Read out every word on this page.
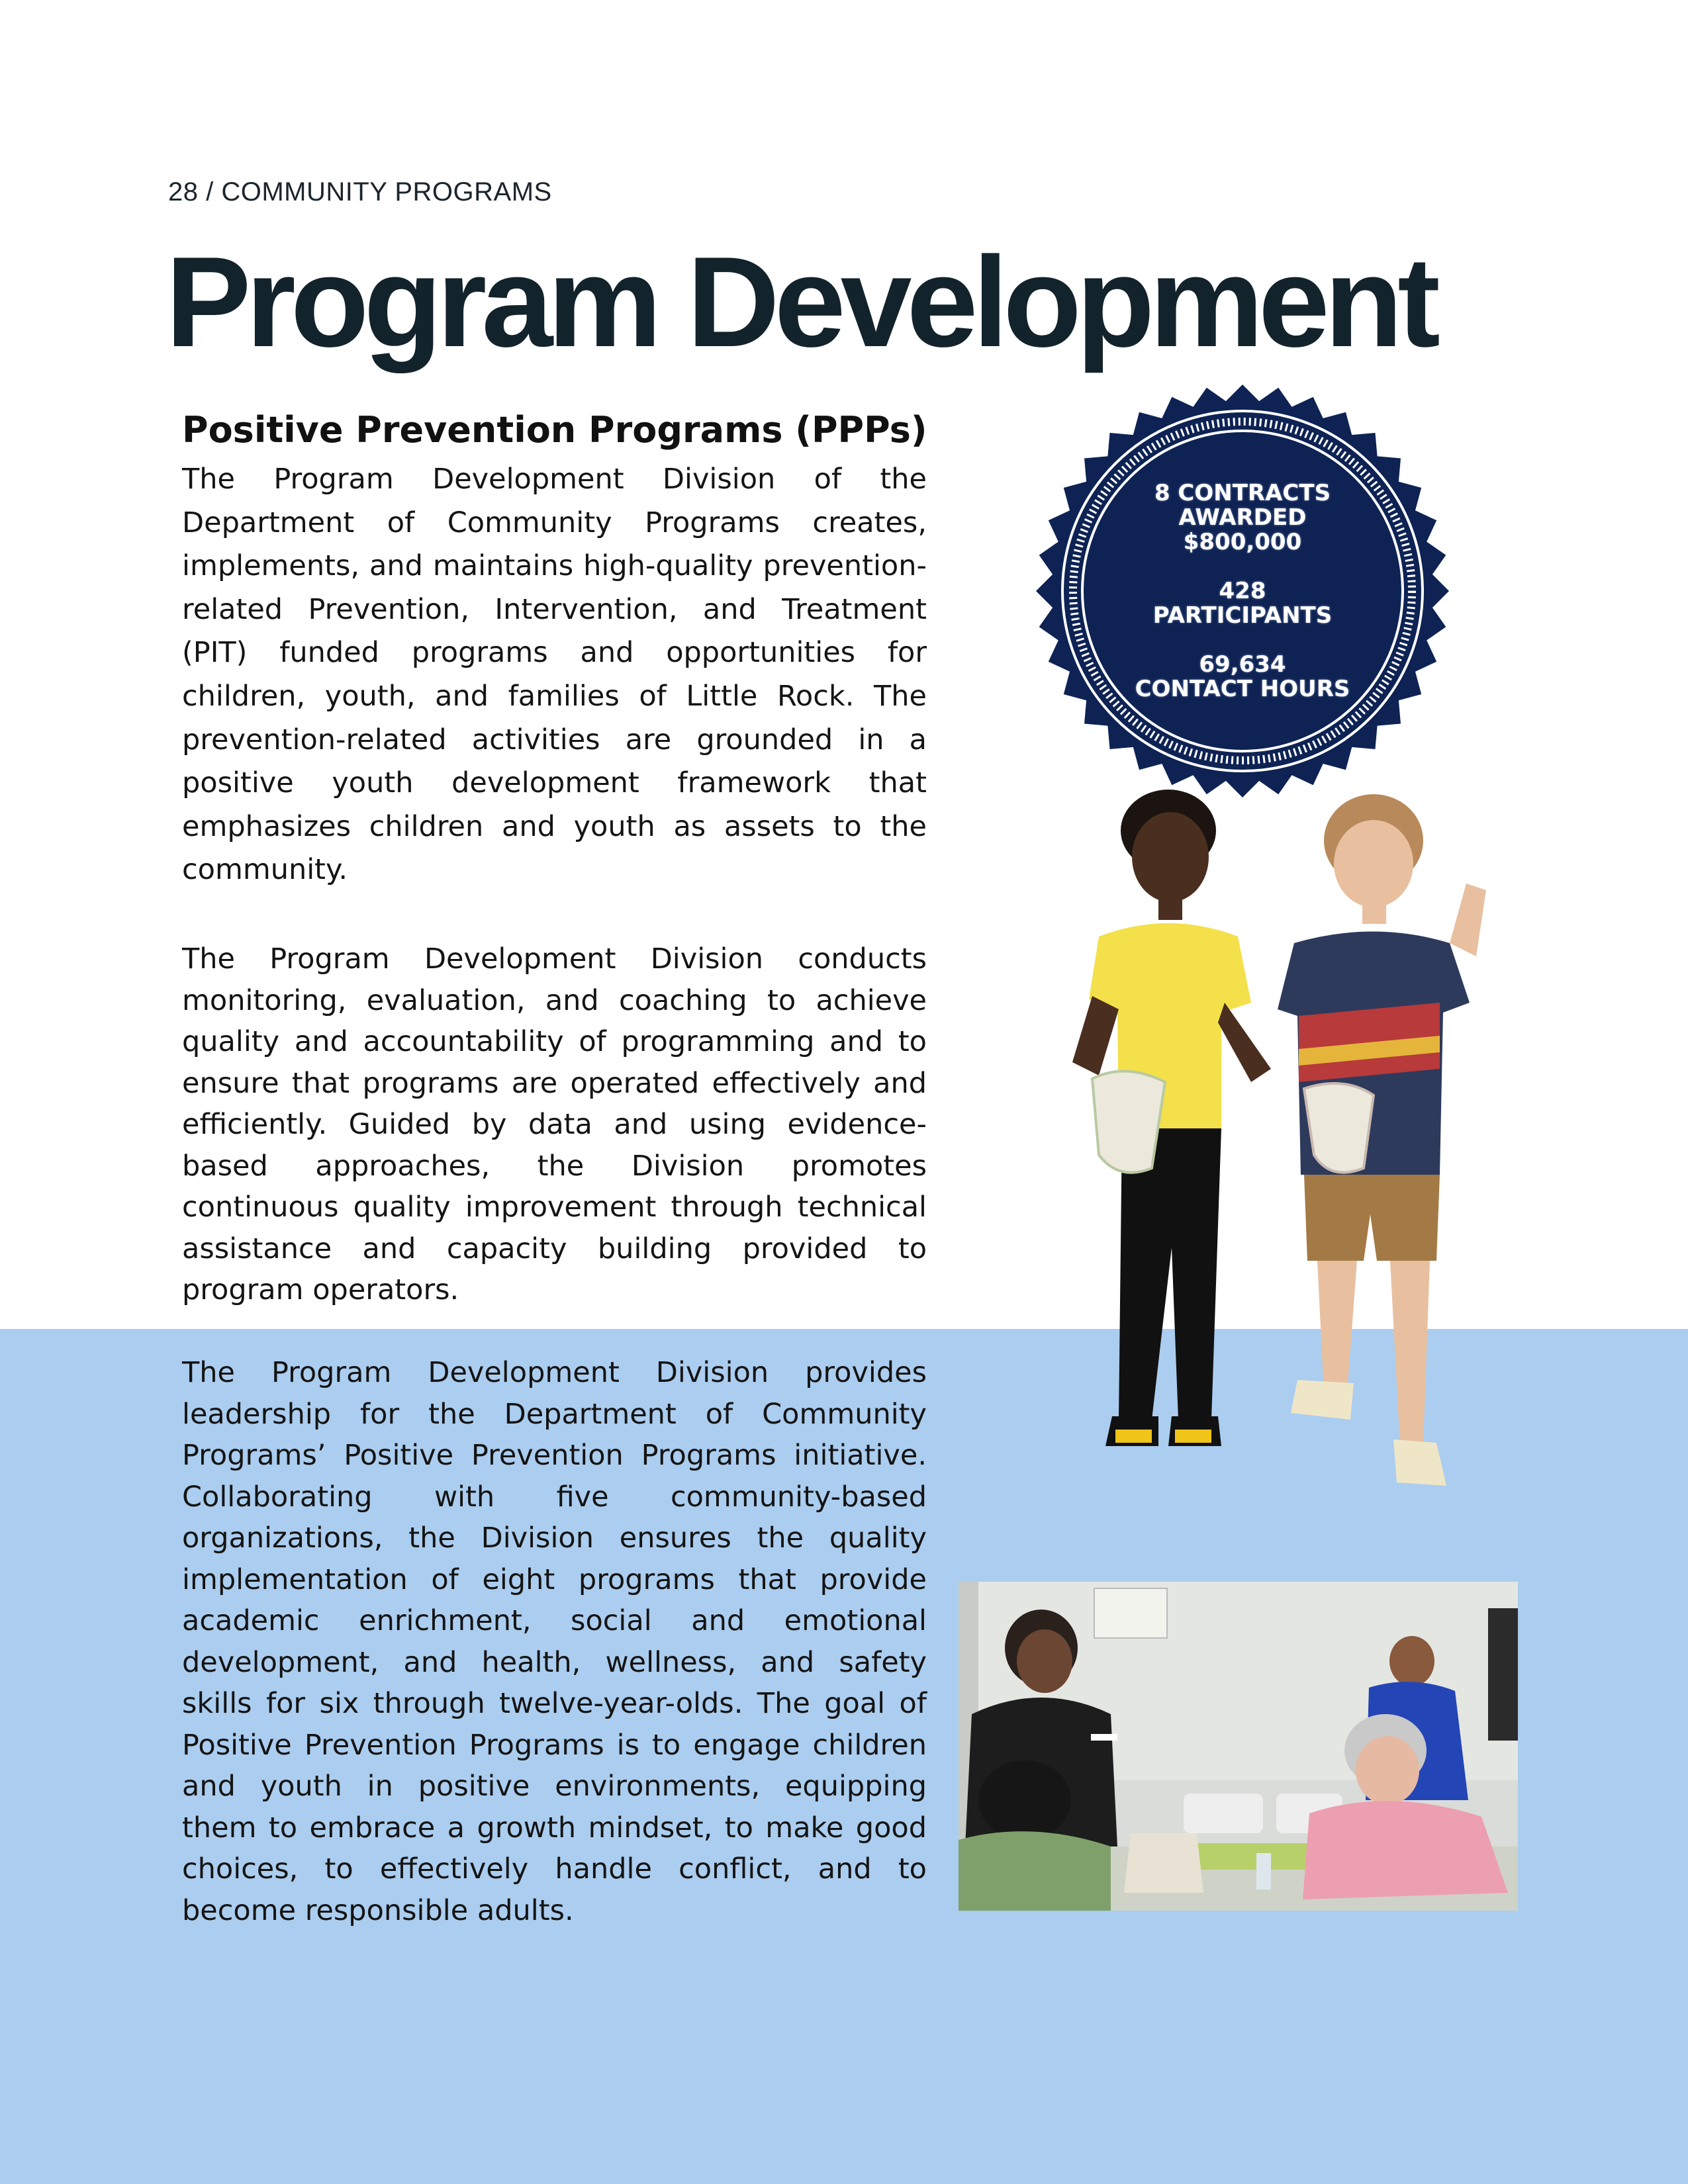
28 / COMMUNITY PROGRAMS
Program Development
Positive Prevention Programs (PPPs)

The Program Development Division of the Department of Community Programs creates, implements, and maintains high-quality prevention-related Prevention, Intervention, and Treatment (PIT) funded programs and opportunities for children, youth, and families of Little Rock. The prevention-related activities are grounded in a positive youth development framework that emphasizes children and youth as assets to the community.

The Program Development Division conducts monitoring, evaluation, and coaching to achieve quality and accountability of programming and to ensure that programs are operated effectively and efficiently. Guided by data and using evidence-based approaches, the Division promotes continuous quality improvement through technical assistance and capacity building provided to program operators.

The Program Development Division provides leadership for the Department of Community Programs’ Positive Prevention Programs initiative. Collaborating with five community-based organizations, the Division ensures the quality implementation of eight programs that provide academic enrichment, social and emotional development, and health, wellness, and safety skills for six through twelve-year-olds. The goal of Positive Prevention Programs is to engage children and youth in positive environments, equipping them to embrace a growth mindset, to make good choices, to effectively handle conflict, and to become responsible adults.

8 CONTRACTS
AWARDED
$800,000
428
PARTICIPANTS
69,634
CONTACT HOURS
